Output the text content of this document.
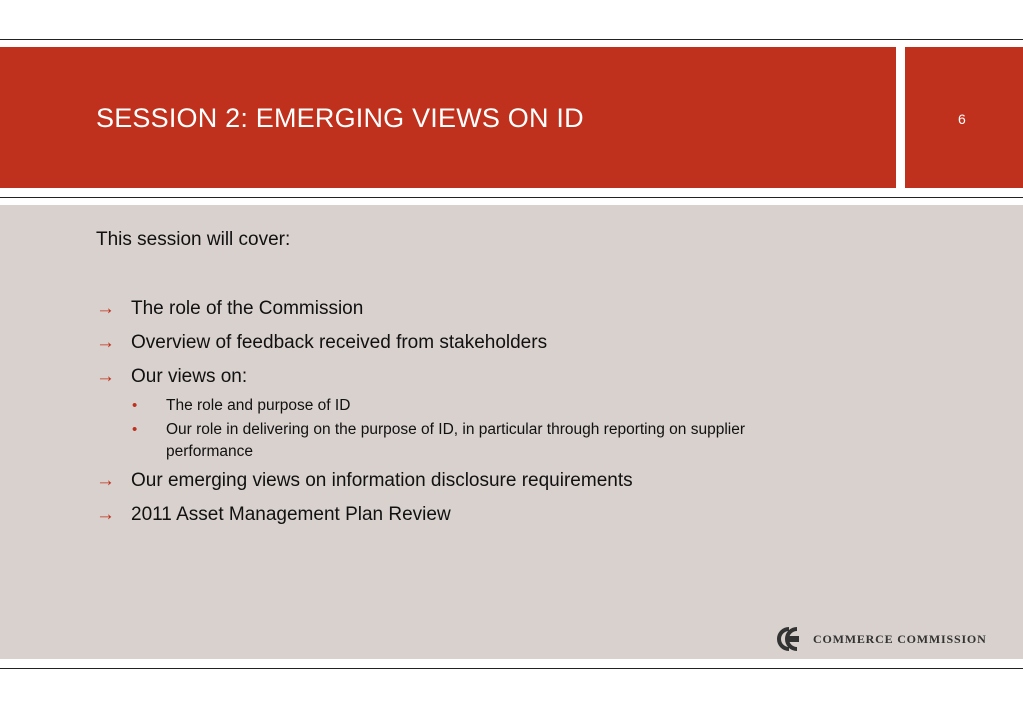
SESSION 2: EMERGING VIEWS ON ID	6
This session will cover:
→ The role of the Commission
→ Overview of feedback received from stakeholders
→ Our views on:
•	The role and purpose of ID
•	Our role in delivering on the purpose of ID, in particular through reporting on supplier performance
→ Our emerging views on information disclosure requirements
→ 2011 Asset Management Plan Review
COMMERCE COMMISSION
